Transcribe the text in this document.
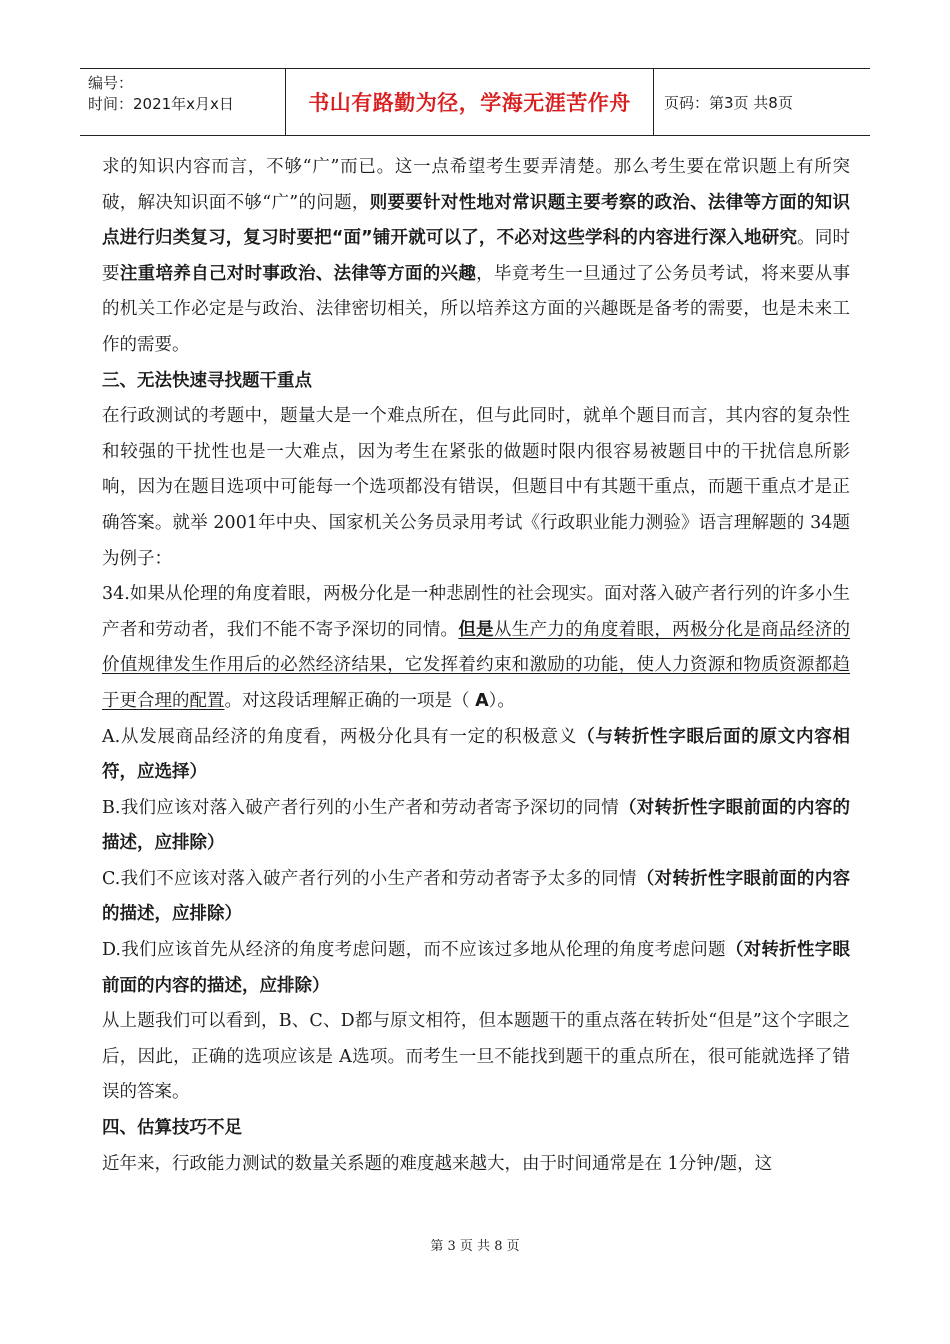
编号：
时间：2021年x月x日	书山有路勤为径，学海无涯苦作舟	页码：第3页 共8页

求的知识内容而言，不够“广”而已。这一点希望考生要弄清楚。那么考生要在常识题上有所突破，解决知识面不够“广”的问题，则要要针对性地对常识题主要考察的政治、法律等方面的知识点进行归类复习，复习时要把“面”铺开就可以了，不必对这些学科的内容进行深入地研究。同时要注重培养自己对时事政治、法律等方面的兴趣，毕竟考生一旦通过了公务员考试，将来要从事的机关工作必定是与政治、法律密切相关，所以培养这方面的兴趣既是备考的需要，也是未来工作的需要。

三、无法快速寻找题干重点

在行政测试的考题中，题量大是一个难点所在，但与此同时，就单个题目而言，其内容的复杂性和较强的干扰性也是一大难点，因为考生在紧张的做题时限内很容易被题目中的干扰信息所影响，因为在题目选项中可能每一个选项都没有错误，但题目中有其题干重点，而题干重点才是正确答案。就举 2001年中央、国家机关公务员录用考试《行政职业能力测验》语言理解题的 34题为例子：

34.如果从伦理的角度着眼，两极分化是一种悲剧性的社会现实。面对落入破产者行列的许多小生产者和劳动者，我们不能不寄予深切的同情。但是从生产力的角度着眼，两极分化是商品经济的价值规律发生作用后的必然经济结果，它发挥着约束和激励的功能，使人力资源和物质资源都趋于更合理的配置。对这段话理解正确的一项是（ A）。

A.从发展商品经济的角度看，两极分化具有一定的积极意义（与转折性字眼后面的原文内容相符，应选择）

B.我们应该对落入破产者行列的小生产者和劳动者寄予深切的同情（对转折性字眼前面的内容的描述，应排除）

C.我们不应该对落入破产者行列的小生产者和劳动者寄予太多的同情（对转折性字眼前面的内容的描述，应排除）

D.我们应该首先从经济的角度考虑问题，而不应该过多地从伦理的角度考虑问题（对转折性字眼前面的内容的描述，应排除）

从上题我们可以看到，B、C、D都与原文相符，但本题题干的重点落在转折处“但是”这个字眼之后，因此，正确的选项应该是 A选项。而考生一旦不能找到题干的重点所在，很可能就选择了错误的答案。

四、估算技巧不足

近年来，行政能力测试的数量关系题的难度越来越大，由于时间通常是在 1分钟/题，这

第 3 页 共 8 页
